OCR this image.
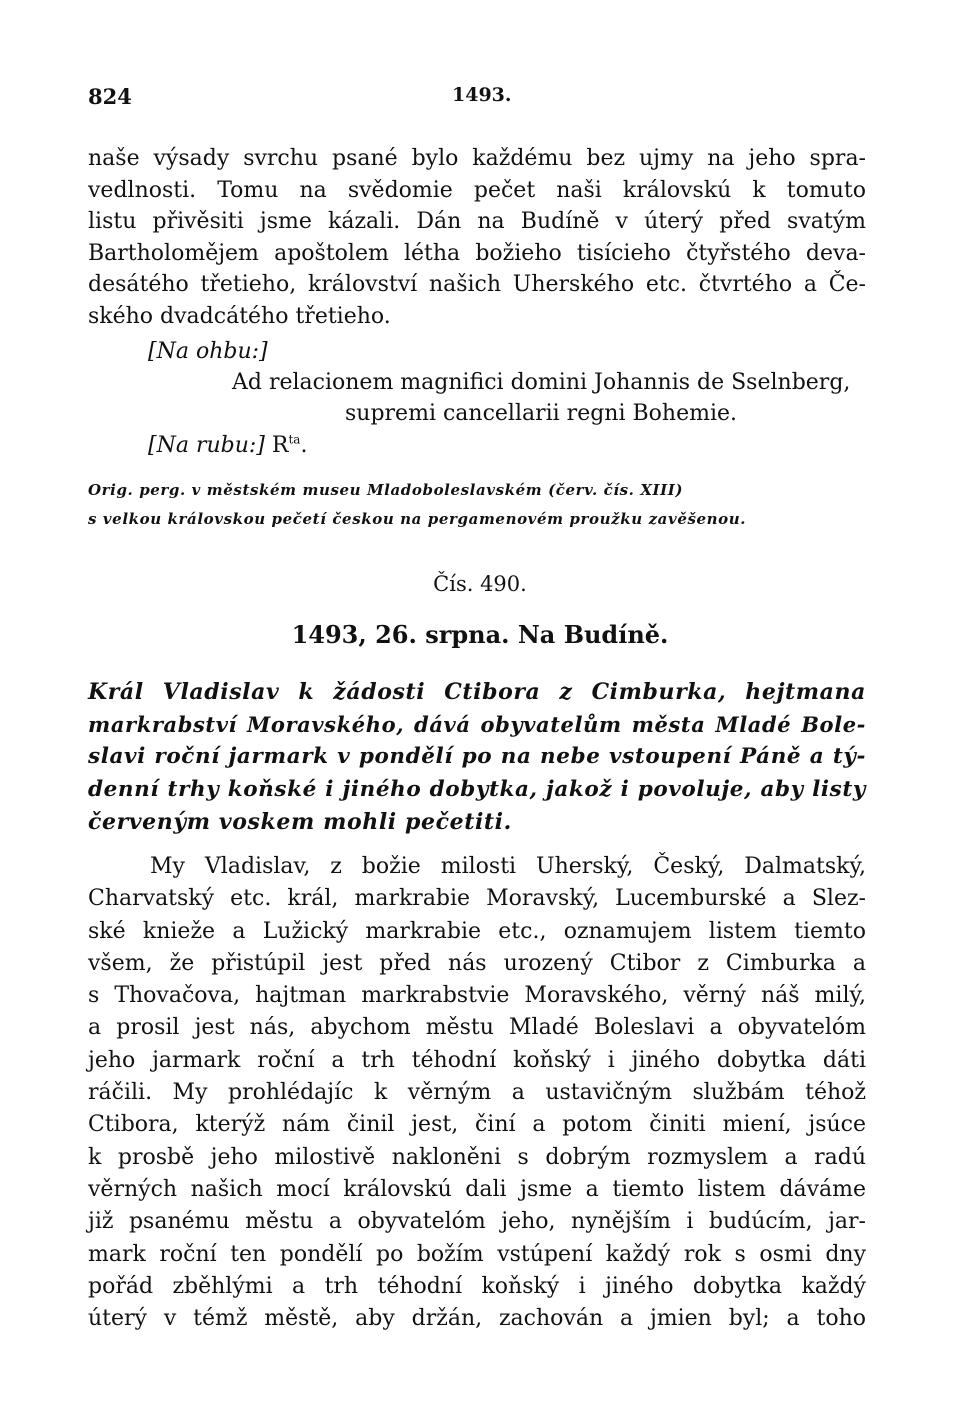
824	1493.
naše výsady svrchu psané bylo každému bez ujmy na jeho spra-
vedlnosti. Tomu na svědomie pečet naši královskú k tomuto
listu přivěsiti jsme kázali. Dán na Budíně v úterý před svatým
Bartholomějem apoštolem létha božieho tisícieho čtyřstého deva-
desátého třetieho, království našich Uherského etc. čtvrtého a Če-
ského dvadcátého třetieho.
[Na ohbu:]
Ad relacionem magnifici domini Johannis de Sselnberg,
supremi cancellarii regni Bohemie.
[Na rubu:] $R^{ta}$.
Orig. perg. v městském museu Mladoboleslavském (červ. čís. XIII)
s velkou královskou pečetí českou na pergamenovém proužku zavěšenou.
Čís. 490.
1493, 26. srpna. Na Budíně.
Král Vladislav k žádosti Ctibora z Cimburka, hejtmana
markrabství Moravského, dává obyvatelům města Mladé Bole-
slavi roční jarmark v pondělí po na nebe vstoupení Páně a tý-
denní trhy koňské i jiného dobytka, jakož i povoluje, aby listy
červeným voskem mohli pečetiti.
My Vladislav, z božie milosti Uherský, Český, Dalmatský,
Charvatský etc. král, markrabie Moravský, Lucemburské a Slez-
ské knieže a Lužický markrabie etc., oznamujem listem tiemto
všem, že přistúpil jest před nás urozený Ctibor z Cimburka a
s Thovačova, hajtman markrabstvie Moravského, věrný náš milý,
a prosil jest nás, abychom městu Mladé Boleslavi a obyvatelóm
jeho jarmark roční a trh téhodní koňský i jiného dobytka dáti
ráčili. My prohlédajíc k věrným a ustavičným službám téhož
Ctibora, kterýž nám činil jest, činí a potom činiti miení, jsúce
k prosbě jeho milostivě nakloněni s dobrým rozmyslem a radú
věrných našich mocí královskú dali jsme a tiemto listem dáváme
již psanému městu a obyvatelóm jeho, nynějším i budúcím, jar-
mark roční ten pondělí po božím vstúpení každý rok s osmi dny
pořád zběhlými a trh téhodní koňský i jiného dobytka každý
úterý v témž městě, aby držán, zachován a jmien byl; a toho
